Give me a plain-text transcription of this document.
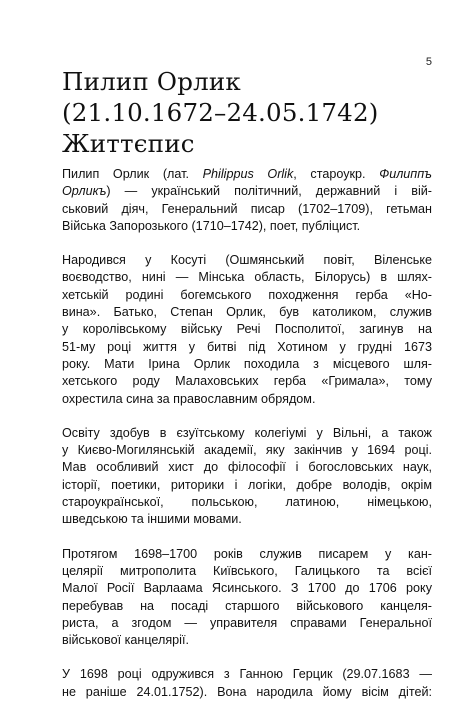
5
Пилип Орлик
(21.10.1672–24.05.1742)
Життєпис

Пилип Орлик (лат. Philippus Orlik, староукр. Филиппъ
Орликъ) — український політичний, державний і вій-
ськовий діяч, Генеральний писар (1702–1709), гетьман
Війська Запорозького (1710–1742), поет, публіцист.

Народився у Косуті (Ошмянський повіт, Віленське
воєводство, нині — Мінська область, Білорусь) в шлях-
хетській родині богемського походження герба «Но-
вина». Батько, Степан Орлик, був католиком, служив
у королівському війську Речі Посполитої, загинув на
51-му році життя у битві під Хотином у грудні 1673
року. Мати Ірина Орлик походила з місцевого шля-
хетського роду Малаховських герба «Грималa», тому
охрестила сина за православним обрядом.

Освіту здобув в єзуїтському колегіумі у Вільні, а також
у Києво-Могилянській академії, яку закінчив у 1694 році.
Мав особливий хист до філософії і богословських наук,
історії, поетики, риторики і логіки, добре володів, окрім
староукраїнської, польською, латиною, німецькою,
шведською та іншими мовами.

Протягом 1698–1700 років служив писарем у кан-
целярії митрополита Київського, Галицького та всієї
Малої Росії Варлаама Ясинського. З 1700 до 1706 року
перебував на посаді старшого військового канцеля-
риста, а згодом — управителя справами Генеральної
військової канцелярії.

У 1698 році одружився з Ганною Герцик (29.07.1683 —
не раніше 24.01.1752). Вона народила йому вісім дітей:
